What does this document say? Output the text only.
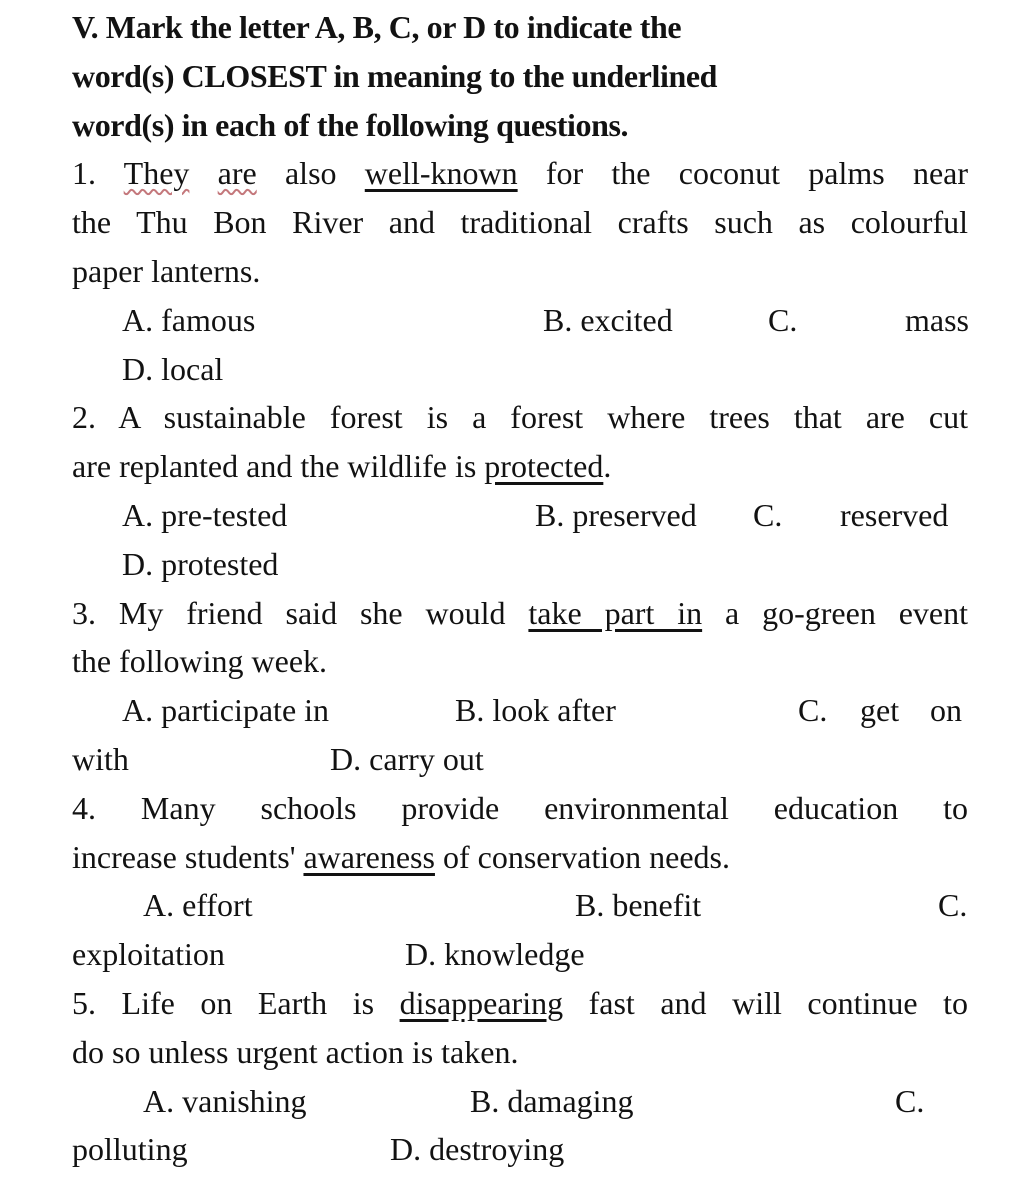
V. Mark the letter A, B, C, or D to indicate the
word(s) CLOSEST in meaning to the underlined
word(s) in each of the following questions.
1. They are also well-known for the coconut palms near
the Thu Bon River and traditional crafts such as colourful
paper lanterns.
A. famous	B. excited	C.	mass
D. local
2. A sustainable forest is a forest where trees that are cut
are replanted and the wildlife is protected.
A. pre-tested	B. preserved C. reserved
D. protested
3. My friend said she would take part in a go-green event
the following week.
A. participate in	B. look after	C. get on
with	D. carry out
4. Many schools provide environmental education to
increase students' awareness of conservation needs.
A. effort	B. benefit	C.
exploitation	D. knowledge
5. Life on Earth is disappearing fast and will continue to
do so unless urgent action is taken.
A. vanishing	B. damaging	C.
polluting	D. destroying
